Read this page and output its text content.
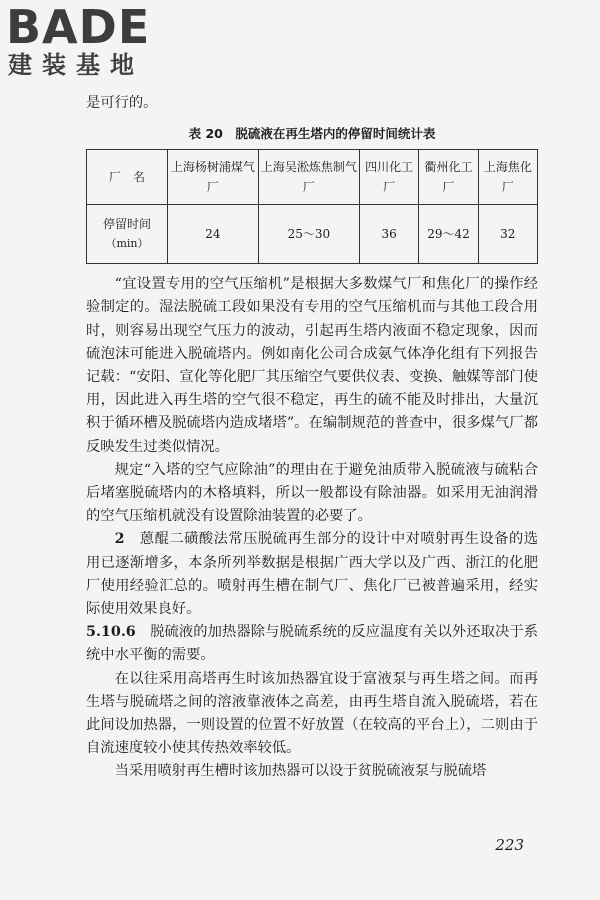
BADE
建装基地

是可行的。

表 20　脱硫液在再生塔内的停留时间统计表
厂　名	上海杨树浦煤气厂	上海吴淞炼焦制气厂	四川化工厂	衢州化工厂	上海焦化厂

停留时间
（min）	24	25～30	36	29～42	32

“宜设置专用的空气压缩机”是根据大多数煤气厂和焦化厂的操作经验制定的。湿法脱硫工段如果没有专用的空气压缩机而与其他工段合用时，则容易出现空气压力的波动，引起再生塔内液面不稳定现象，因而硫泡沫可能进入脱硫塔内。例如南化公司合成氨气体净化组有下列报告记载：“安阳、宣化等化肥厂其压缩空气要供仪表、变换、触媒等部门使用，因此进入再生塔的空气很不稳定，再生的硫不能及时排出，大量沉积于循环槽及脱硫塔内造成堵塔”。在编制规范的普查中，很多煤气厂都反映发生过类似情况。

规定“入塔的空气应除油”的理由在于避免油质带入脱硫液与硫粘合后堵塞脱硫塔内的木格填料，所以一般都设有除油器。如采用无油润滑的空气压缩机就没有设置除油装置的必要了。

2　 蒽醌二磺酸法常压脱硫再生部分的设计中对喷射再生设备的选用已逐渐增多，本条所列举数据是根据广西大学以及广西、浙江的化肥厂使用经验汇总的。喷射再生槽在制气厂、焦化厂已被普遍采用，经实际使用效果良好。

5.10.6　 脱硫液的加热器除与脱硫系统的反应温度有关以外还取决于系统中水平衡的需要。

在以往采用高塔再生时该加热器宜设于富液泵与再生塔之间。而再生塔与脱硫塔之间的溶液靠液体之高差，由再生塔自流入脱硫塔，若在此间设加热器，一则设置的位置不好放置（在较高的平台上），二则由于自流速度较小使其传热效率较低。

当采用喷射再生槽时该加热器可以设于贫脱硫液泵与脱硫塔

223
